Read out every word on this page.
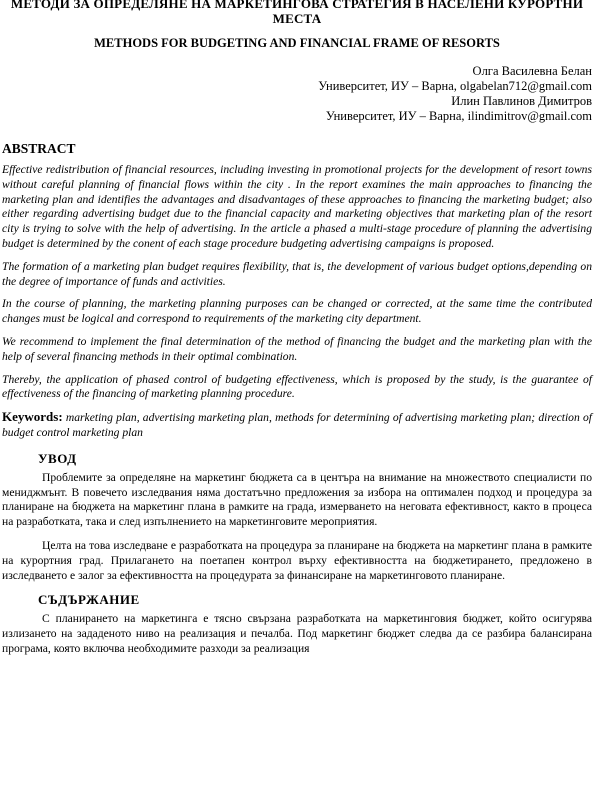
МЕТОДИ ЗА ОПРЕДЕЛЯНЕ НА МАРКЕТИНГОВА СТРАТЕГИЯ В НАСЕЛЕНИ КУРОРТНИ МЕСТА
METHODS FOR BUDGETING AND FINANCIAL FRAME OF RESORTS
Олга Василевна Белан
Университет, ИУ – Варна, olgabelan712@gmail.com
Илин Павлинов Димитров
Университет, ИУ – Варна, ilindimitrov@gmail.com
ABSTRACT

Effective redistribution of financial resources, including investing in promotional projects for the development of resort towns without careful planning of financial flows within the city . In the report examines the main approaches to financing the marketing plan and identifies the advantages and disadvantages of these approaches to financing the marketing budget; also either regarding advertising budget due to the financial capacity and marketing objectives that marketing plan of the resort city is trying to solve with the help of advertising. In the article a phased a multi-stage procedure of planning the advertising budget is determined by the conent of each stage procedure budgeting advertising campaigns is proposed.

The formation of a marketing plan budget requires flexibility, that is, the development of various budget options,depending on the degree of importance of funds and activities.

In the course of planning, the marketing planning purposes can be changed or corrected, at the same time the contributed changes must be logical and correspond to requirements of the marketing city department.

We recommend to implement the final determination of the method of financing the budget and the marketing plan with the help of several financing methods in their optimal combination.

Thereby, the application of phased control of budgeting effectiveness, which is proposed by the study, is the guarantee of effectiveness of the financing of marketing planning procedure.

Keywords: marketing plan, advertising marketing plan, methods for determining of advertising marketing plan; direction of budget control marketing plan

УВОД

Проблемите за определяне на маркетинг бюджета са в центъра на внимание на множеството специалисти по мениджмънт. В повечето изследвания няма достатъчно предложения за избора на оптимален подход и процедура за планиране на бюджета на маркетинг плана в рамките на града, измерването на неговата ефективност, както в процеса на разработката, така и след изпълнението на маркетинговите мероприятия.

Целта на това изследване е разработката на процедура за планиране на бюджета на маркетинг плана в рамките на курортния град. Прилагането на поетапен контрол върху ефективността на бюджетирането, предложено в изследването е залог за ефективността на процедурата за финансиране на маркетинговото планиране.

СЪДЪРЖАНИЕ

С планирането на маркетинга е тясно свързана разработката на маркетинговия бюджет, който осигурява излизането на зададеното ниво на реализация и печалба. Под маркетинг бюджет следва да се разбира балансирана програма, която включва необходимите разходи за реализация
